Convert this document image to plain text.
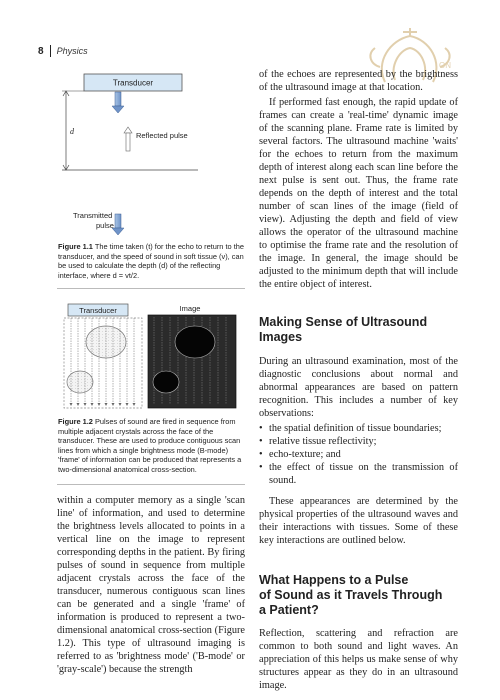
8 Physics
ON
Transducer
d	Reflected pulse
Transmitted
pulse
Figure 1.1 The time taken (t) for the echo to return to the transducer, and the speed of sound in soft tissue (v), can be used to calculate the depth (d) of the reflecting interface, where d = vt/2.
Transducer	Image
Figure 1.2 Pulses of sound are fired in sequence from multiple adjacent crystals across the face of the transducer. These are used to produce contiguous scan lines from which a single brightness mode (B-mode) 'frame' of information can be produced that represents a two-dimensional anatomical cross-section.
within a computer memory as a single 'scan line' of information, and used to determine the brightness levels allocated to points in a vertical line on the image to represent corresponding depths in the patient. By firing pulses of sound in sequence from multiple adjacent crystals across the face of the transducer, numerous contiguous scan lines can be generated and a single 'frame' of information is produced to represent a two-dimensional anatomical cross-section (Figure 1.2). This type of ultrasound imaging is referred to as 'brightness mode' ('B-mode' or 'gray-scale') because the strength

of the echoes are represented by the brightness of the ultrasound image at that location.

If performed fast enough, the rapid update of frames can create a 'real-time' dynamic image of the scanning plane. Frame rate is limited by several factors. The ultrasound machine 'waits' for the echoes to return from the maximum depth of interest along each scan line before the next pulse is sent out. Thus, the frame rate depends on the depth of interest and the total number of scan lines of the image (field of view). Adjusting the depth and field of view allows the operator of the ultrasound machine to optimise the frame rate and the resolution of the image. In general, the image should be adjusted to the minimum depth that will include the entire object of interest.

Making Sense of Ultrasound
Images

During an ultrasound examination, most of the diagnostic conclusions about normal and abnormal appearances are based on pattern recognition. This includes a number of key observations:

• the spatial definition of tissue boundaries;
• relative tissue reflectivity;
• echo-texture; and
• the effect of tissue on the transmission of sound.

These appearances are determined by the physical properties of the ultrasound waves and their interactions with tissues. Some of these key interactions are outlined below.

What Happens to a Pulse
of Sound as it Travels Through
a Patient?

Reflection, scattering and refraction are common to both sound and light waves. An appreciation of this helps us make sense of why structures appear as they do in an ultrasound image.
